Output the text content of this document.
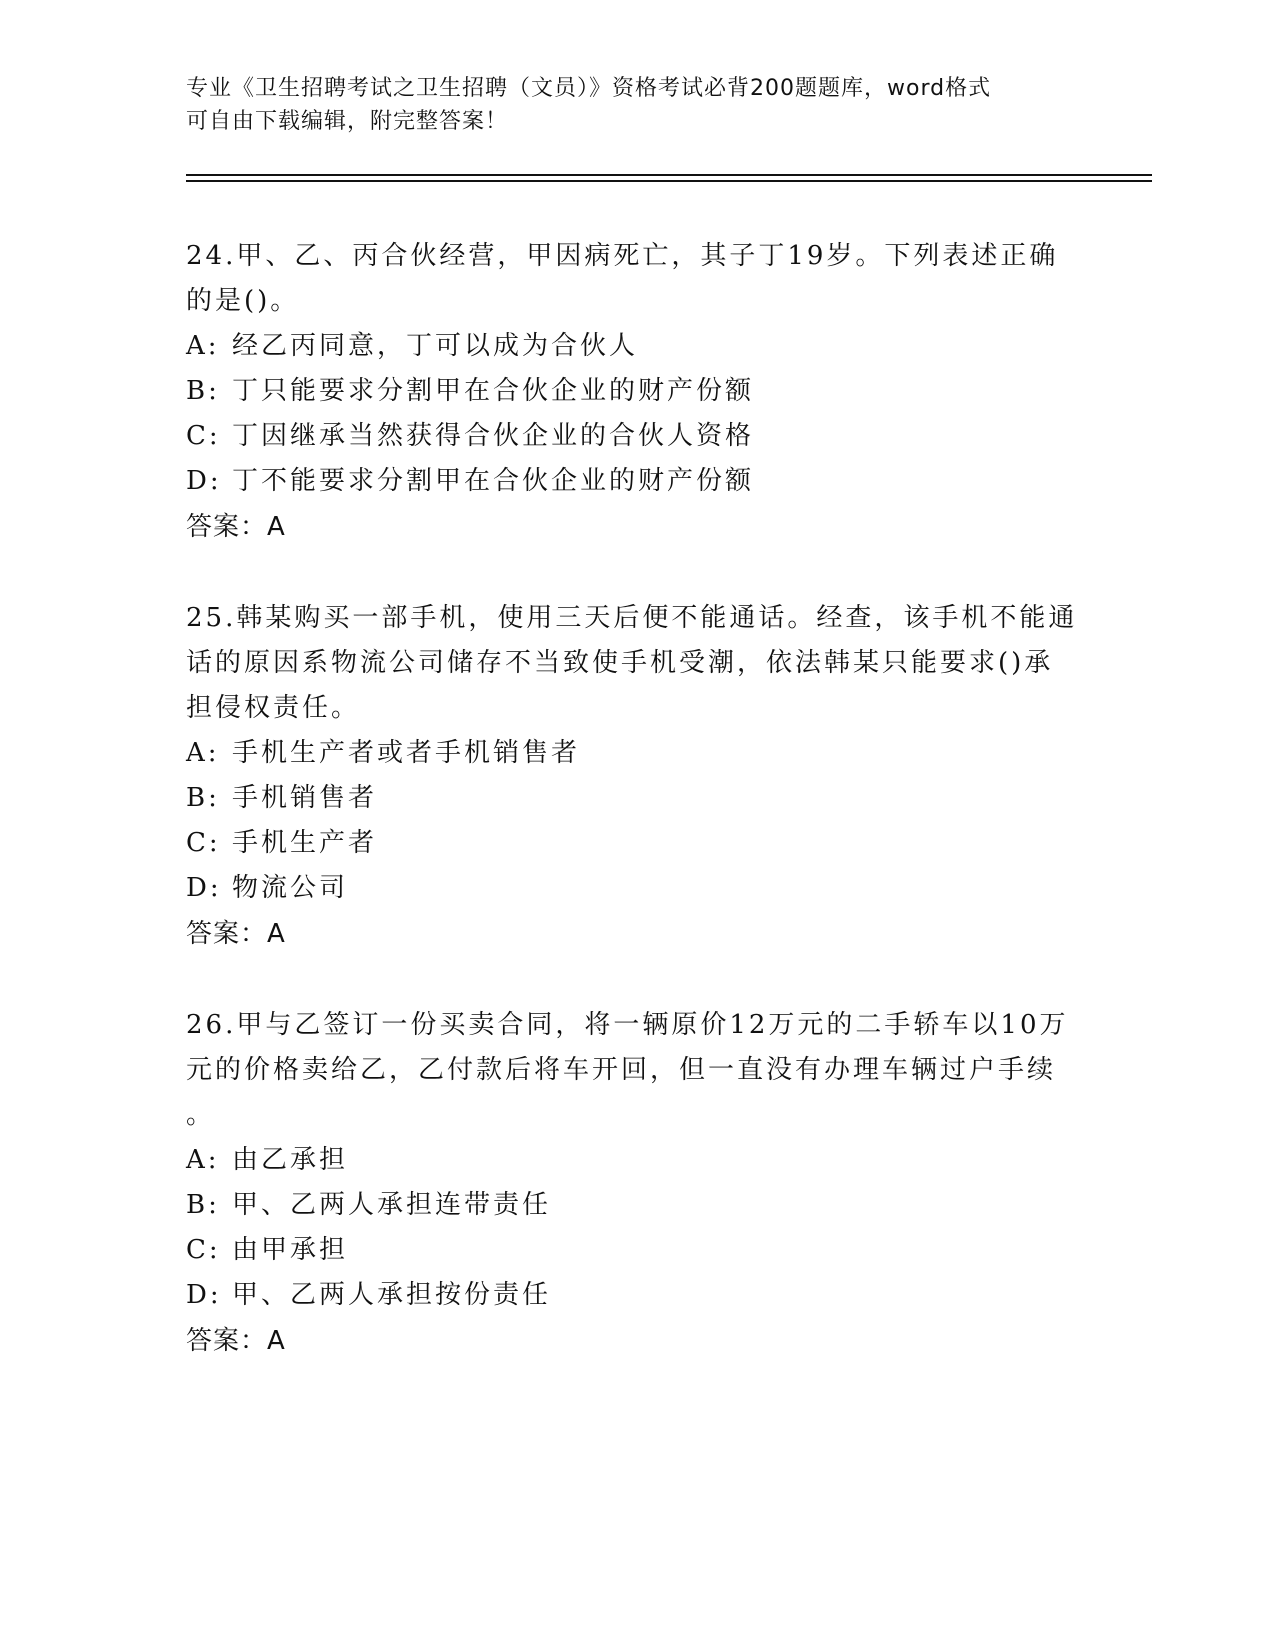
专业《卫生招聘考试之卫生招聘（文员）》资格考试必背200题题库，word格式
可自由下载编辑，附完整答案！
24.甲、乙、丙合伙经营，甲因病死亡，其子丁19岁。下列表述正确
的是()。
A: 经乙丙同意，丁可以成为合伙人
B: 丁只能要求分割甲在合伙企业的财产份额
C: 丁因继承当然获得合伙企业的合伙人资格
D: 丁不能要求分割甲在合伙企业的财产份额
答案：A
25.韩某购买一部手机，使用三天后便不能通话。经查，该手机不能通
话的原因系物流公司储存不当致使手机受潮，依法韩某只能要求()承
担侵权责任。
A: 手机生产者或者手机销售者
B: 手机销售者
C: 手机生产者
D: 物流公司
答案：A
26.甲与乙签订一份买卖合同，将一辆原价12万元的二手轿车以10万
元的价格卖给乙，乙付款后将车开回，但一直没有办理车辆过户手续
。
A: 由乙承担
B: 甲、乙两人承担连带责任
C: 由甲承担
D: 甲、乙两人承担按份责任
答案：A
